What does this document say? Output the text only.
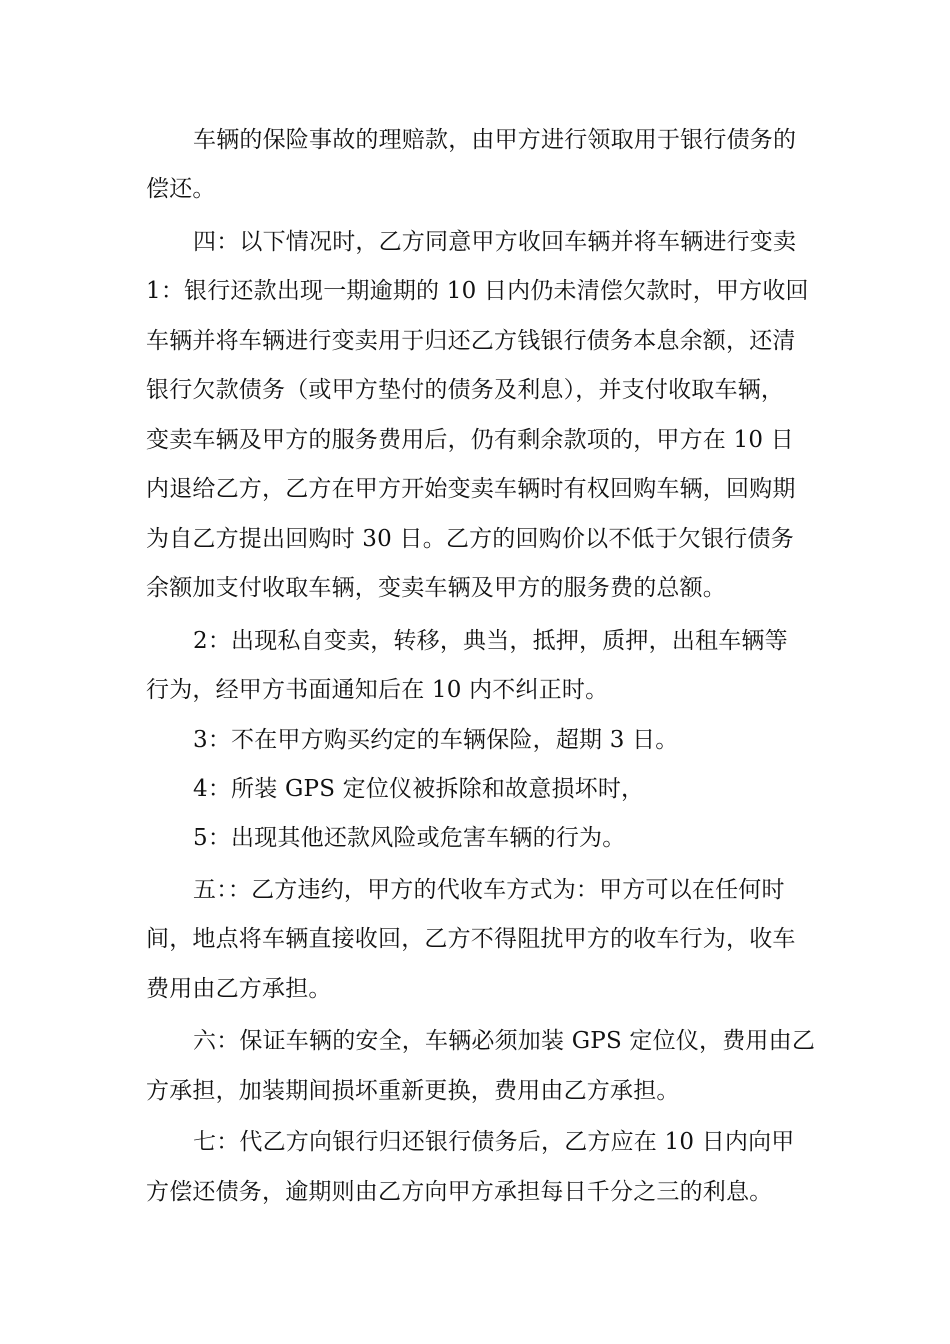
车辆的保险事故的理赔款，由甲方进行领取用于银行债务的
偿还。
四：以下情况时，乙方同意甲方收回车辆并将车辆进行变卖
1：银行还款出现一期逾期的 10 日内仍未清偿欠款时，甲方收回
车辆并将车辆进行变卖用于归还乙方钱银行债务本息余额，还清
银行欠款债务（或甲方垫付的债务及利息），并支付收取车辆，
变卖车辆及甲方的服务费用后，仍有剩余款项的，甲方在 10 日
内退给乙方，乙方在甲方开始变卖车辆时有权回购车辆，回购期
为自乙方提出回购时 30 日。乙方的回购价以不低于欠银行债务
余额加支付收取车辆，变卖车辆及甲方的服务费的总额。
2：出现私自变卖，转移，典当，抵押，质押，出租车辆等
行为，经甲方书面通知后在 10 内不纠正时。
3：不在甲方购买约定的车辆保险，超期 3 日。
4：所装 GPS 定位仪被拆除和故意损坏时，
5：出现其他还款风险或危害车辆的行为。
五：：乙方违约，甲方的代收车方式为：甲方可以在任何时
间，地点将车辆直接收回，乙方不得阻扰甲方的收车行为，收车
费用由乙方承担。
六：保证车辆的安全，车辆必须加装 GPS 定位仪，费用由乙
方承担，加装期间损坏重新更换，费用由乙方承担。
七：代乙方向银行归还银行债务后，乙方应在 10 日内向甲
方偿还债务，逾期则由乙方向甲方承担每日千分之三的利息。
